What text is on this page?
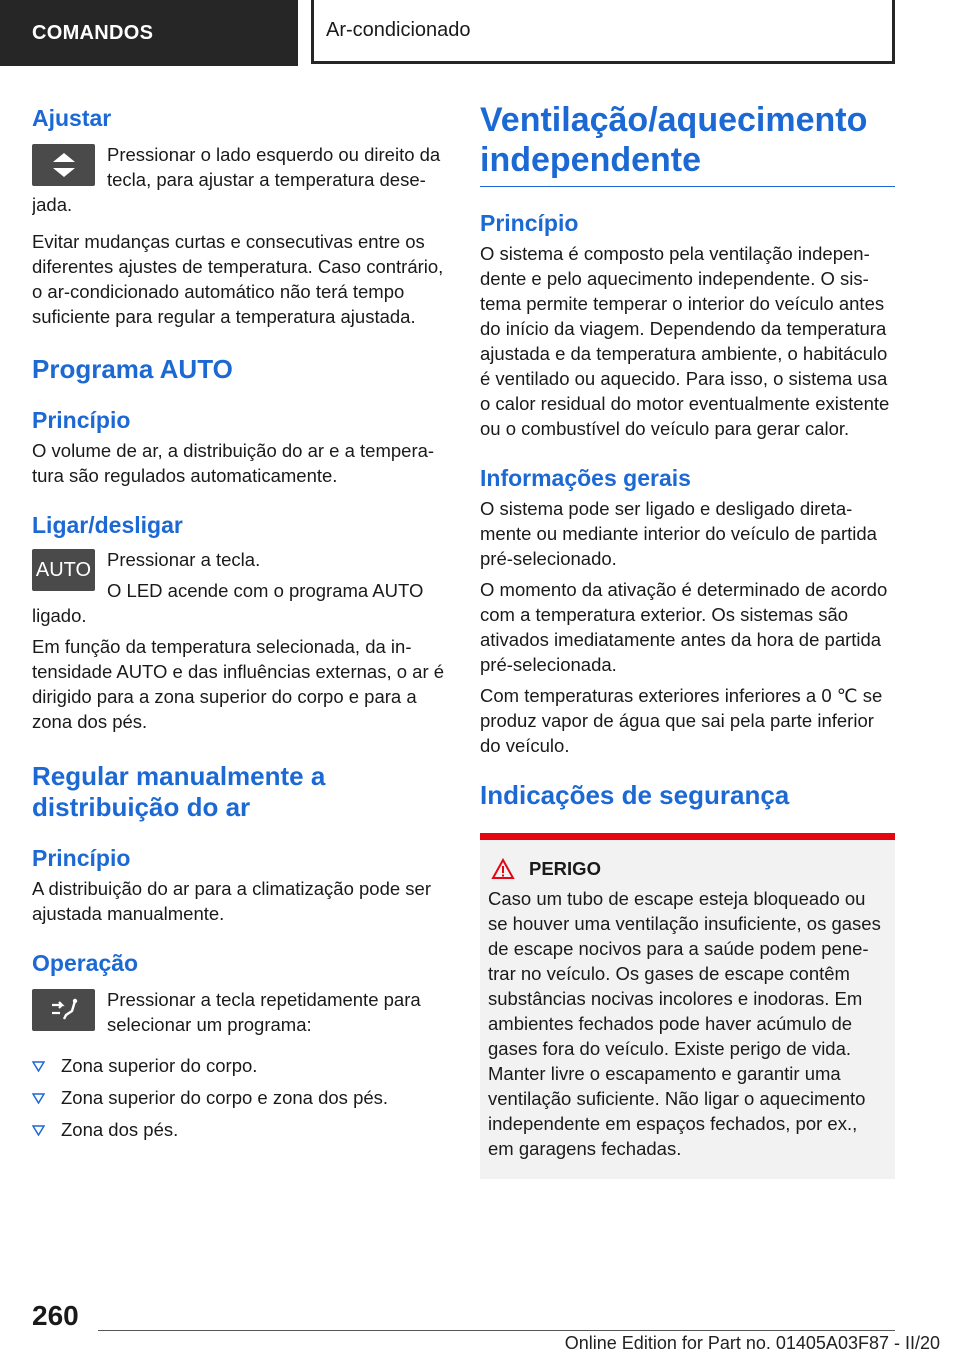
COMANDOS	Ar-condicionado
Ajustar

Pressionar o lado esquerdo ou direito da tecla, para ajustar a temperatura desejada.

Evitar mudanças curtas e consecutivas entre os diferentes ajustes de temperatura. Caso contrário, o ar-condicionado automático não terá tempo suficiente para regular a temperatura ajustada.

Programa AUTO
Princípio

O volume de ar, a distribuição do ar e a temperatura são regulados automaticamente.

Ligar/desligar
AUTO Pressionar a tecla.

O LED acende com o programa AUTO ligado.

Em função da temperatura selecionada, da intensidade AUTO e das influências externas, o ar é dirigido para a zona superior do corpo e para a zona dos pés.

Regular manualmente a distribuição do ar
Princípio

A distribuição do ar para a climatização pode ser ajustada manualmente.

Operação

Pressionar a tecla repetidamente para selecionar um programa:

Zona superior do corpo.
Zona superior do corpo e zona dos pés.
Zona dos pés.
Ventilação/aquecimento independente
Princípio

O sistema é composto pela ventilação independente e pelo aquecimento independente. O sistema permite temperar o interior do veículo antes do início da viagem. Dependendo da temperatura ajustada e da temperatura ambiente, o habitáculo é ventilado ou aquecido. Para isso, o sistema usa o calor residual do motor eventualmente existente ou o combustível do veículo para gerar calor.

Informações gerais

O sistema pode ser ligado e desligado diretamente ou mediante interior do veículo de partida pré-selecionado.

O momento da ativação é determinado de acordo com a temperatura exterior. Os sistemas são ativados imediatamente antes da hora de partida pré-selecionada.

Com temperaturas exteriores inferiores a 0 ℃ se produz vapor de água que sai pela parte inferior do veículo.

Indicações de segurança
PERIGO

Caso um tubo de escape esteja bloqueado ou se houver uma ventilação insuficiente, os gases de escape nocivos para a saúde podem penetrar no veículo. Os gases de escape contêm substâncias nocivas incolores e inodoras. Em ambientes fechados pode haver acúmulo de gases fora do veículo. Existe perigo de vida. Manter livre o escapamento e garantir uma ventilação suficiente. Não ligar o aquecimento independente em espaços fechados, por ex., em garagens fechadas.

260
Online Edition for Part no. 01405A03F87 - II/20
